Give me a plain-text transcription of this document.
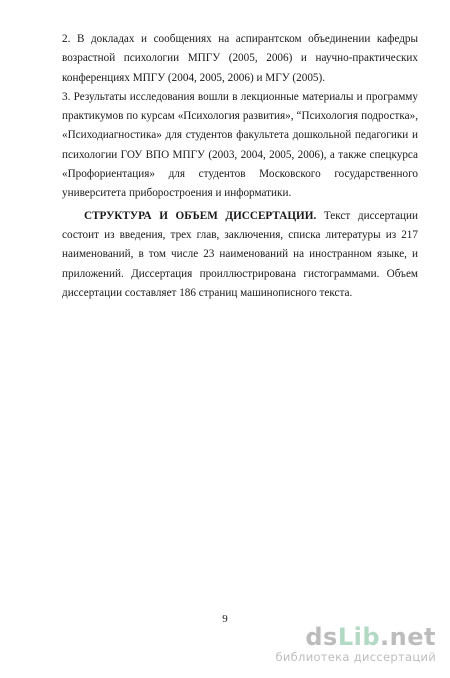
2. В докладах и сообщениях на аспирантском объединении кафедры
возрастной психологии МПГУ (2005, 2006) и научно-практических
конференциях МПГУ (2004, 2005, 2006) и МГУ (2005).
3. Результаты исследования вошли в лекционные материалы и программу
практикумов по курсам «Психология развития», “Психология подростка»,
«Психодиагностика» для студентов факультета дошкольной педагогики и
психологии ГОУ ВПО МПГУ (2003, 2004, 2005, 2006), а также спецкурса
«Профориентация» для студентов Московского государственного
университета приборостроения и информатики.
СТРУКТУРА И ОБЪЕМ ДИССЕРТАЦИИ. Текст диссертации
состоит из введения, трех глав, заключения, списка литературы из 217
наименований, в том числе 23 наименований на иностранном языке, и
приложений. Диссертация проиллюстрирована гистограммами. Объем
диссертации составляет 186 страниц машинописного текста.
9
dsLib.net
библиотека диссертаций
